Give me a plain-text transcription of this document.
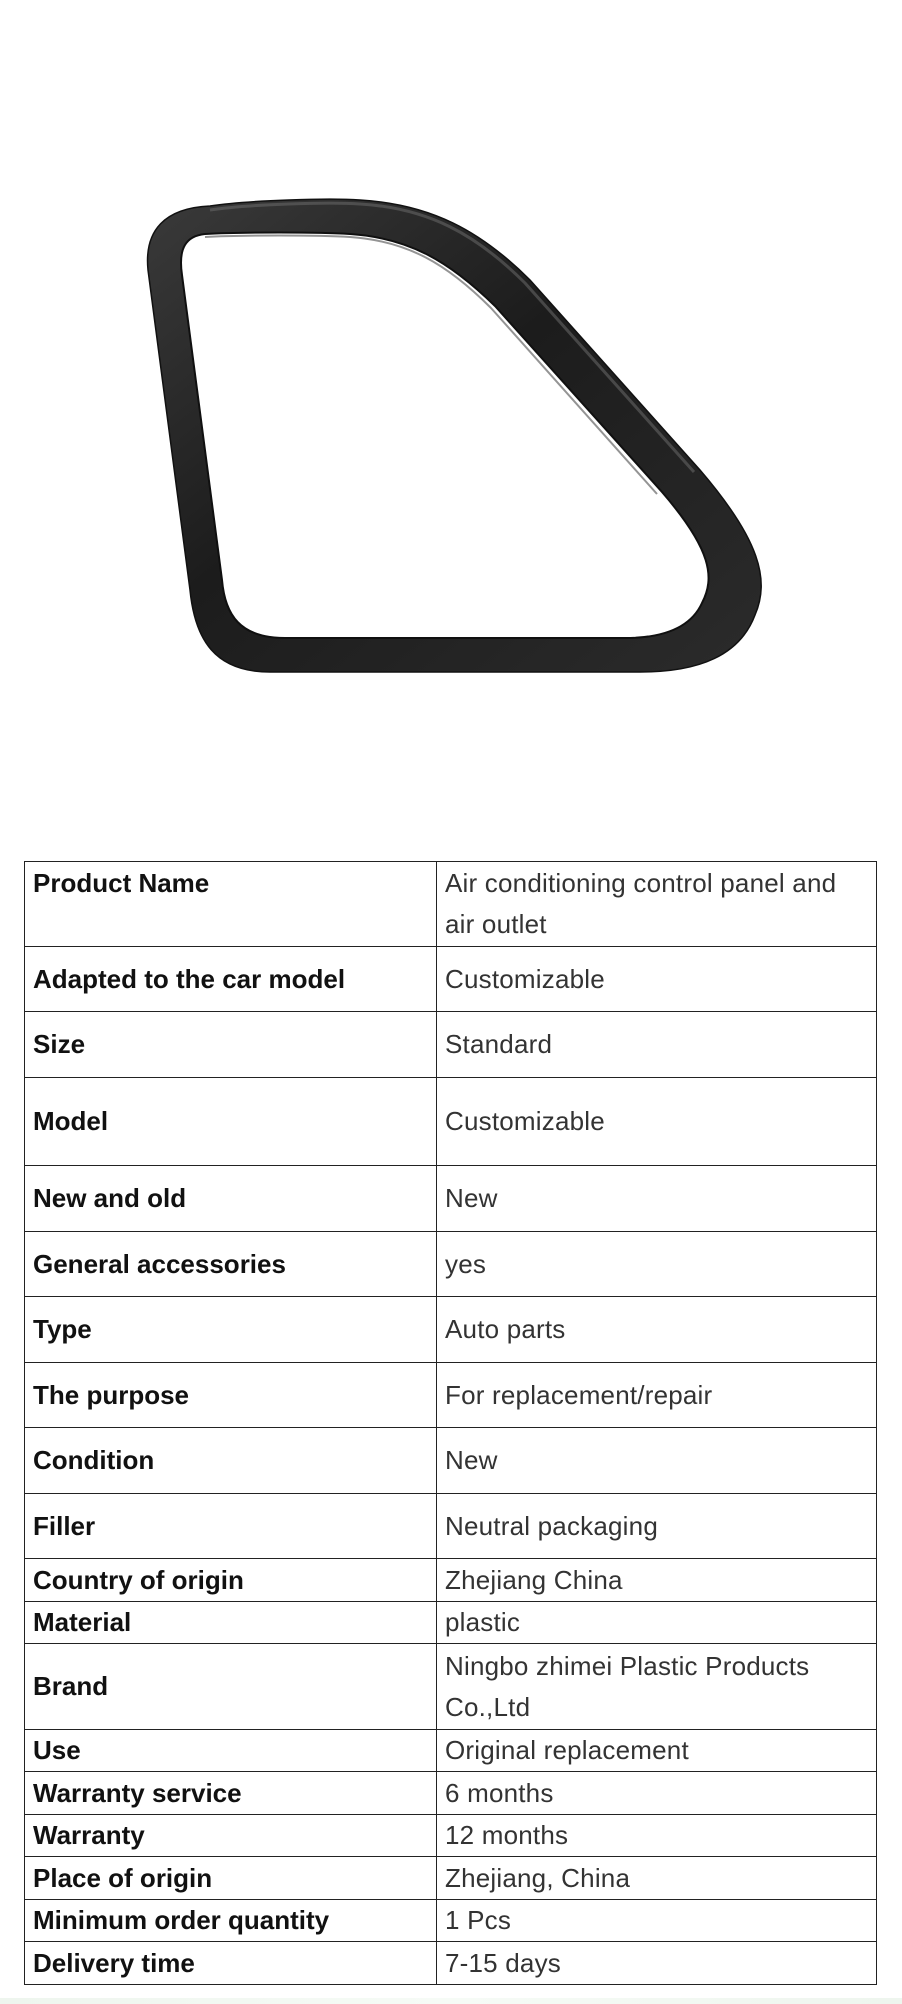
Product Name	Air conditioning control panel and air outlet
Adapted to the car model	Customizable
Size	Standard
Model	Customizable
New and old	New
General accessories	yes
Type	Auto parts
The purpose	For replacement/repair
Condition	New
Filler	Neutral packaging
Country of origin	Zhejiang China
Material	plastic
Brand	Ningbo zhimei Plastic Products Co.,Ltd
Use	Original replacement
Warranty service	6 months
Warranty	12 months
Place of origin	Zhejiang, China
Minimum order quantity	1 Pcs
Delivery time	7-15 days
